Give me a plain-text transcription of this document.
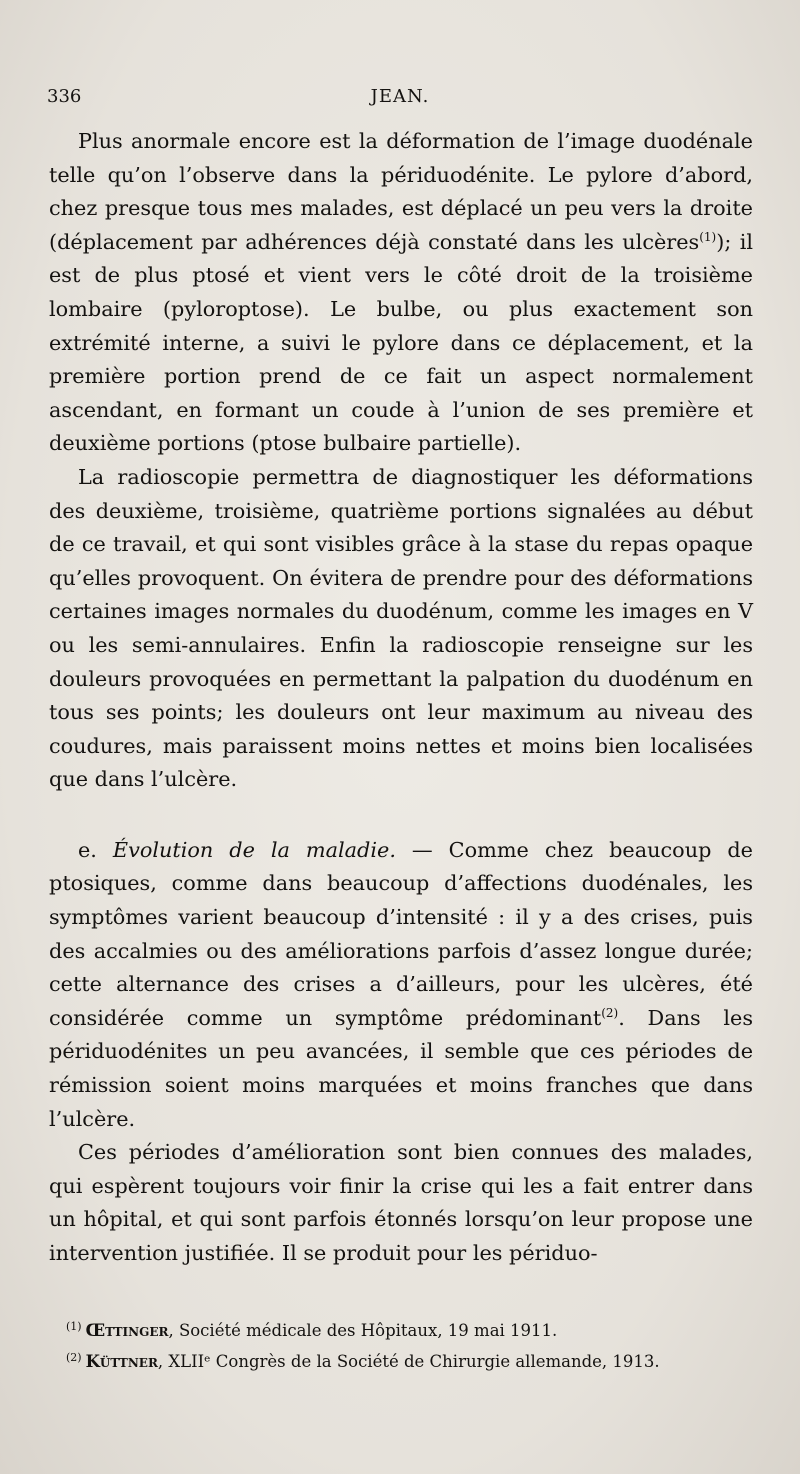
336	JEAN.

Plus anormale encore est la déformation de l’image duodénale telle qu’on l’observe dans la périduodénite. Le pylore d’abord, chez presque tous mes malades, est déplacé un peu vers la droite (déplacement par adhérences déjà constaté dans les ulcères$^{(1)}$); il est de plus ptosé et vient vers le côté droit de la troisième lombaire (pyloroptose). Le bulbe, ou plus exactement son extrémité interne, a suivi le pylore dans ce déplacement, et la première portion prend de ce fait un aspect normalement ascendant, en formant un coude à l’union de ses première et deuxième portions (ptose bulbaire partielle).

La radioscopie permettra de diagnostiquer les déformations des deuxième, troisième, quatrième portions signalées au début de ce travail, et qui sont visibles grâce à la stase du repas opaque qu’elles provoquent. On évitera de prendre pour des déformations certaines images normales du duodénum, comme les images en V ou les semi-annulaires. Enfin la radioscopie renseigne sur les douleurs provoquées en permettant la palpation du duodénum en tous ses points; les douleurs ont leur maximum au niveau des coudures, mais paraissent moins nettes et moins bien localisées que dans l’ulcère.

e. Évolution de la maladie. — Comme chez beaucoup de ptosiques, comme dans beaucoup d’affections duodénales, les symptômes varient beaucoup d’intensité : il y a des crises, puis des accalmies ou des améliorations parfois d’assez longue durée; cette alternance des crises a d’ailleurs, pour les ulcères, été considérée comme un symptôme prédominant$^{(2)}$. Dans les périduodénites un peu avancées, il semble que ces périodes de rémission soient moins marquées et moins franches que dans l’ulcère.

Ces périodes d’amélioration sont bien connues des malades, qui espèrent toujours voir finir la crise qui les a fait entrer dans un hôpital, et qui sont parfois étonnés lorsqu’on leur propose une intervention justifiée. Il se produit pour les périduo-

$^{(1)}$ Œttinger, Société médicale des Hôpitaux, 19 mai 1911.

$^{(2)}$ Küttner, XLIIᵉ Congrès de la Société de Chirurgie allemande, 1913.
